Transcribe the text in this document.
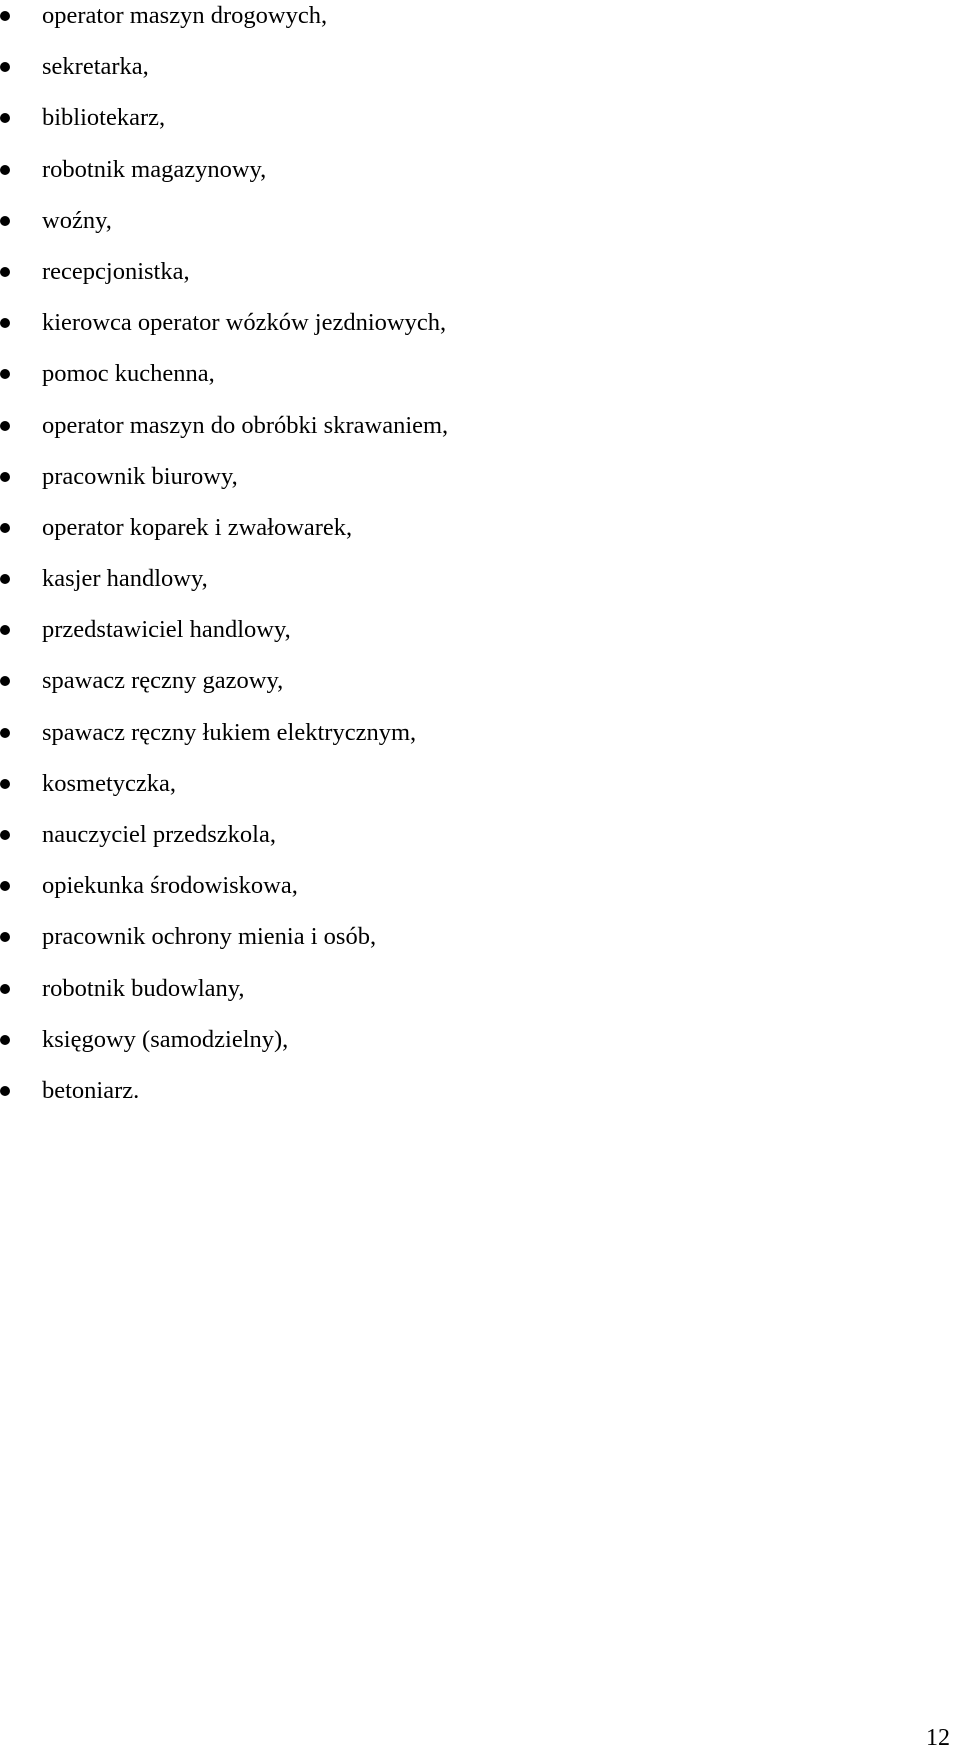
operator maszyn drogowych,
sekretarka,
bibliotekarz,
robotnik magazynowy,
woźny,
recepcjonistka,
kierowca operator wózków jezdniowych,
pomoc kuchenna,
operator maszyn do obróbki skrawaniem,
pracownik biurowy,
operator koparek i zwałowarek,
kasjer handlowy,
przedstawiciel handlowy,
spawacz ręczny gazowy,
spawacz ręczny łukiem elektrycznym,
kosmetyczka,
nauczyciel przedszkola,
opiekunka środowiskowa,
pracownik ochrony mienia i osób,
robotnik budowlany,
księgowy (samodzielny),
betoniarz.
12
